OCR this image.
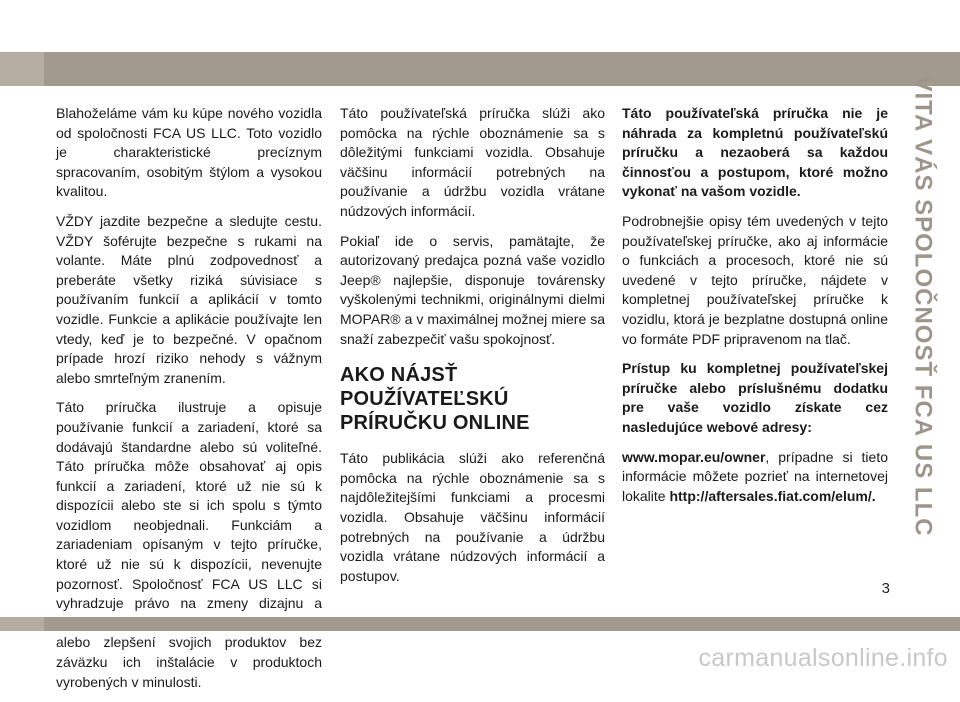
Blahoželáme vám ku kúpe nového vozidla od spoločnosti FCA US LLC. Toto vozidlo je charakteristické precíznym spracovaním, osobitým štýlom a vysokou kvalitou.

VŽDY jazdite bezpečne a sledujte cestu. VŽDY šoférujte bezpečne s rukami na volante. Máte plnú zodpovednosť a preberáte všetky riziká súvisiace s používaním funkcií a aplikácií v tomto vozidle. Funkcie a aplikácie používajte len vtedy, keď je to bezpečné. V opačnom prípade hrozí riziko nehody s vážnym alebo smrteľným zranením.

Táto príručka ilustruje a opisuje používanie funkcií a zariadení, ktoré sa dodávajú štandardne alebo sú voliteľné. Táto príručka môže obsahovať aj opis funkcií a zariadení, ktoré už nie sú k dispozícii alebo ste si ich spolu s týmto vozidlom neobjednali. Funkciám a zariadeniam opísaným v tejto príručke, ktoré už nie sú k dispozícii, nevenujte pozornosť. Spoločnosť FCA US LLC si vyhradzuje právo na zmeny dizajnu a alebo zlepšení svojich produktov bez záväzku ich inštalácie v produktoch vyrobených v minulosti.

Táto používateľská príručka slúži ako pomôcka na rýchle oboznámenie sa s dôležitými funkciami vozidla. Obsahuje väčšinu informácií potrebných na používanie a údržbu vozidla vrátane núdzových informácií.

Pokiaľ ide o servis, pamätajte, že autorizovaný predajca pozná vaše vozidlo Jeep® najlepšie, disponuje továrensky vyškolenými technikmi, originálnymi dielmi MOPAR® a v maximálnej možnej miere sa snaží zabezpečiť vašu spokojnosť.

AKO NÁJSŤ
POUŽÍVATEĽSKÚ
PRÍRUČKU ONLINE

Táto publikácia slúži ako referenčná pomôcka na rýchle oboznámenie sa s najdôležitejšími funkciami a procesmi vozidla. Obsahuje väčšinu informácií potrebných na používanie a údržbu vozidla vrátane núdzových informácií a postupov.

Táto používateľská príručka nie je náhrada za kompletnú používateľskú príručku a nezaoberá sa každou činnosťou a postupom, ktoré možno vykonať na vašom vozidle.

Podrobnejšie opisy tém uvedených v tejto používateľskej príručke, ako aj informácie o funkciách a procesoch, ktoré nie sú uvedené v tejto príručke, nájdete v kompletnej používateľskej príručke k vozidlu, ktorá je bezplatne dostupná online vo formáte PDF pripravenom na tlač.

Prístup ku kompletnej používateľskej príručke alebo príslušnému dodatku pre vaše vozidlo získate cez nasledujúce webové adresy:

www.mopar.eu/owner, prípadne si tieto informácie môžete pozrieť na internetovej lokalite http://aftersales.fiat.com/elum/.	VITA VÁS SPOLOČNOSŤ FCA US LLC
3
carmanualsonline.info
